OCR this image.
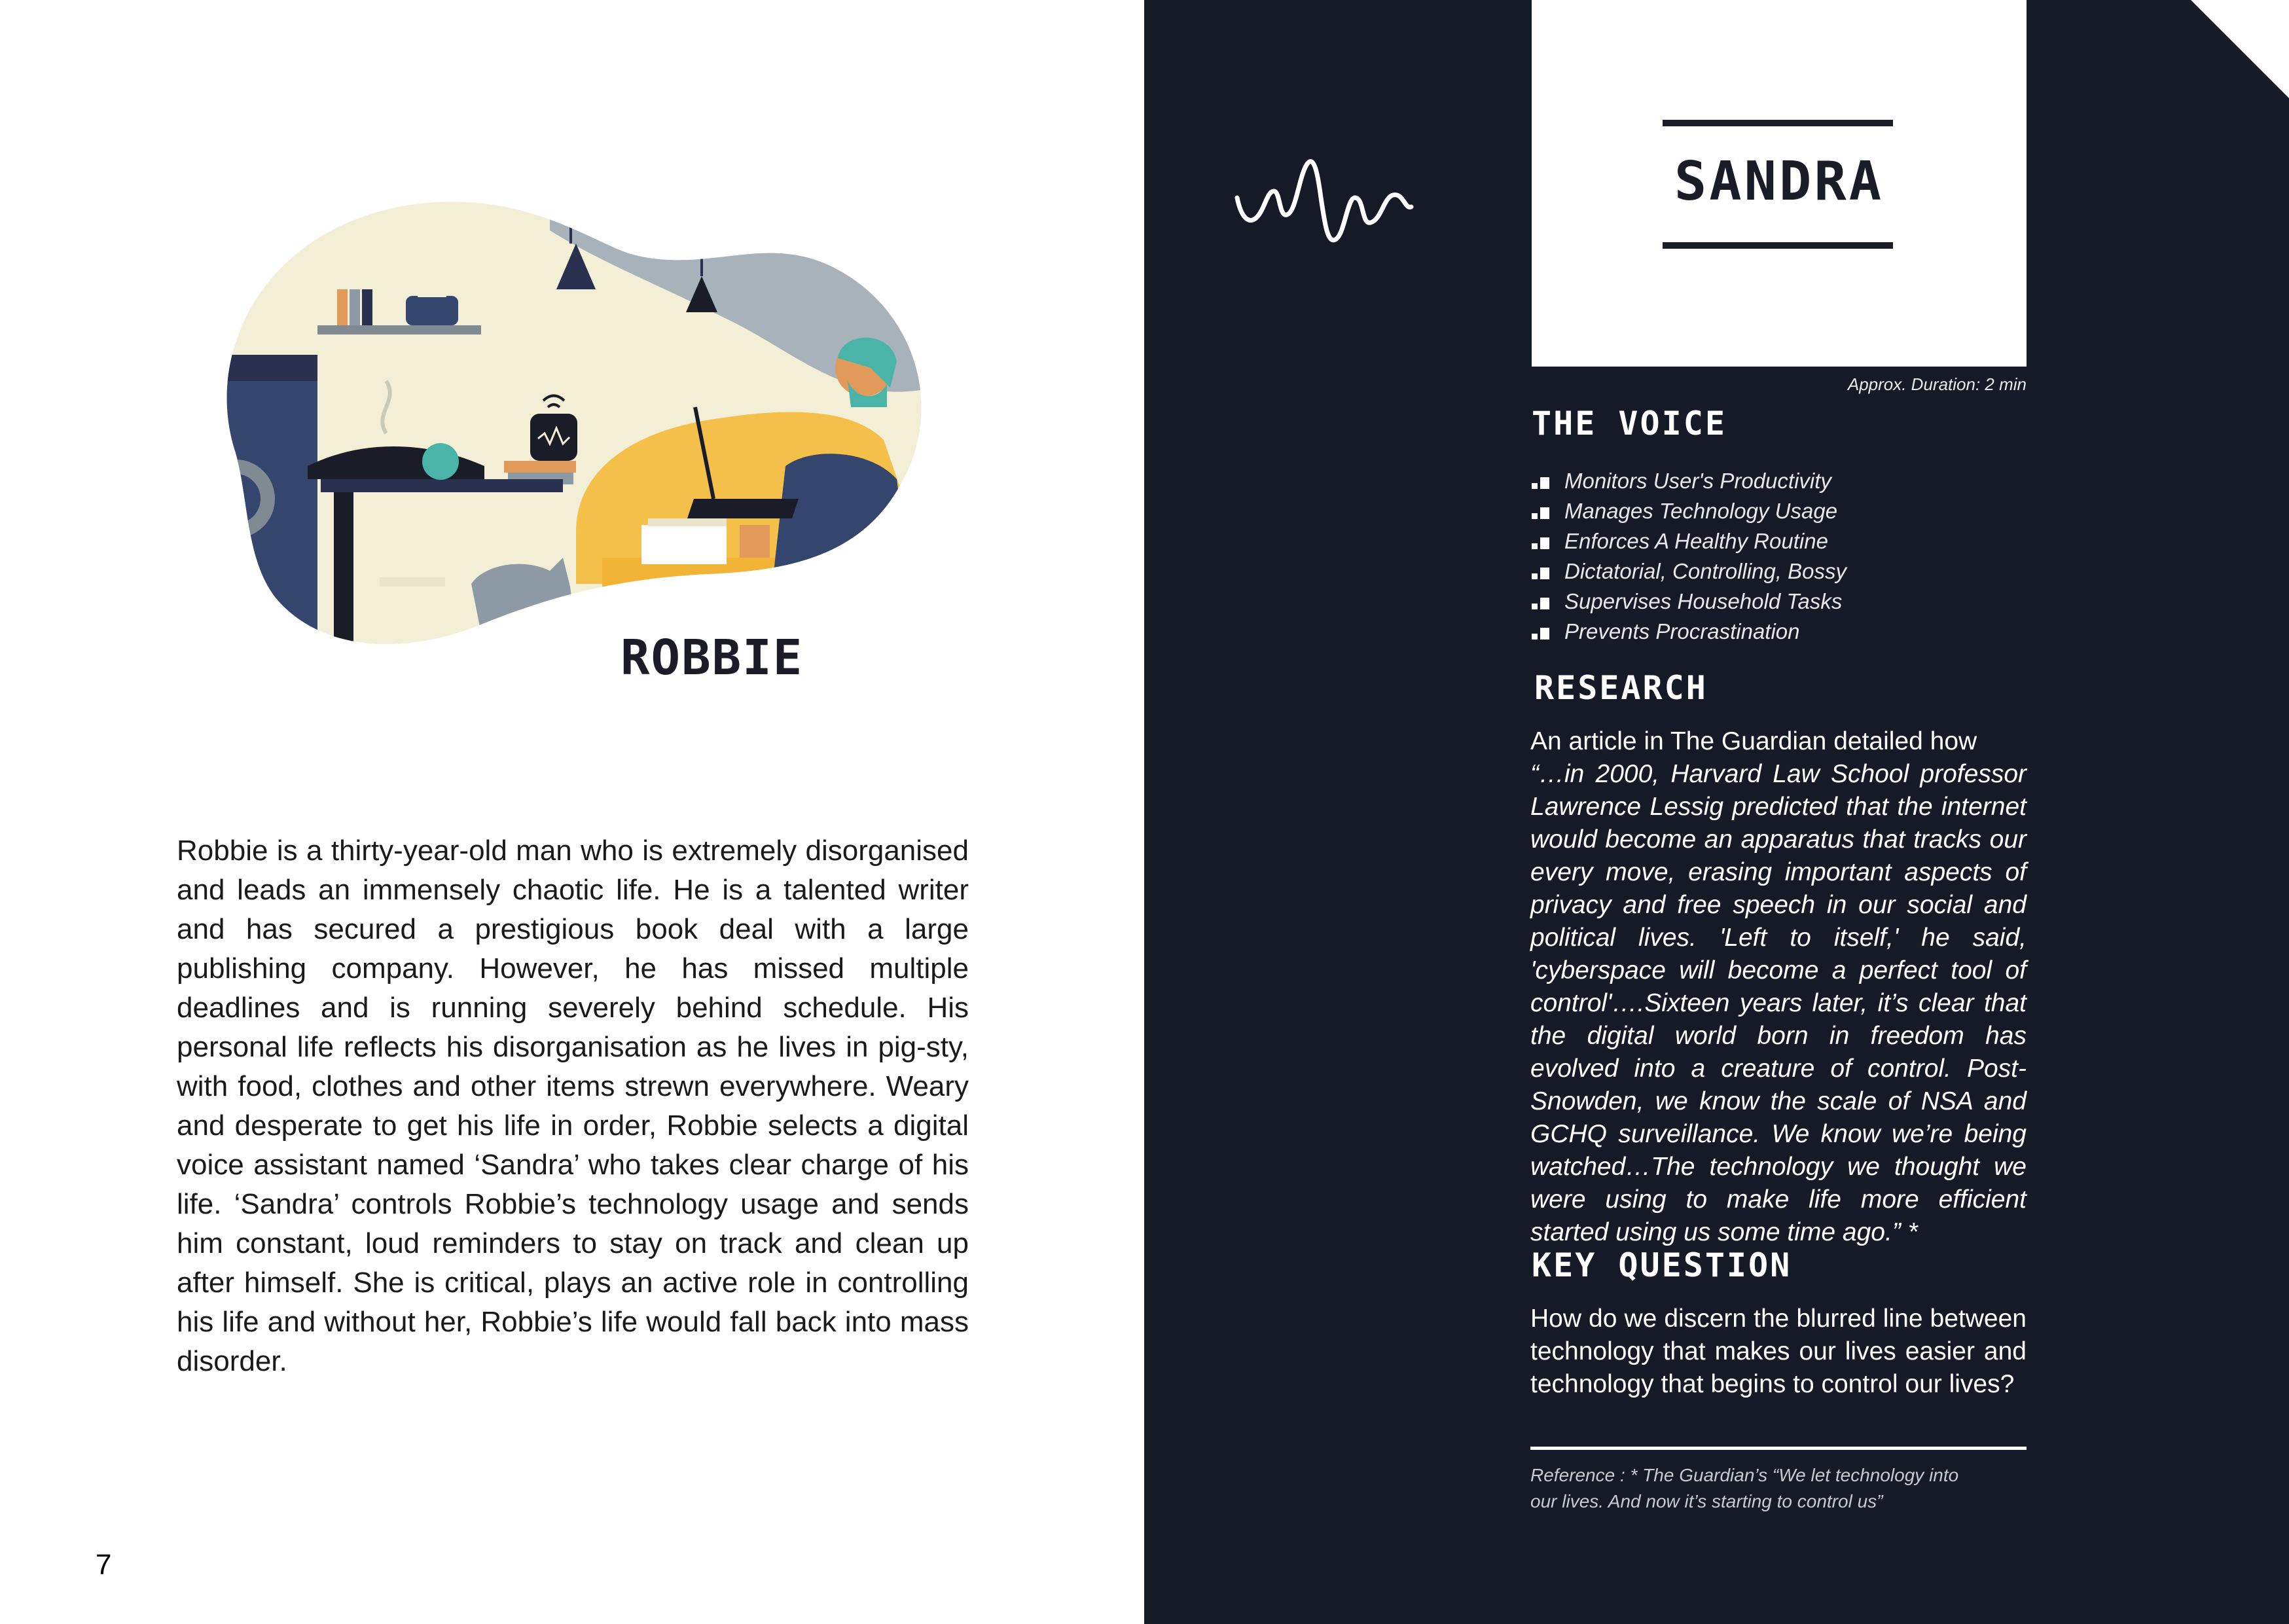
ROBBIE

Robbie is a thirty-year-old man who is extremely disorganised and leads an immensely chaotic life. He is a talented writer and has secured a prestigious book deal with a large publishing company. However, he has missed multiple deadlines and is running severely behind schedule. His personal life reflects his disorganisation as he lives in pig-sty, with food, clothes and other items strewn everywhere. Weary and desperate to get his life in order, Robbie selects a digital voice assistant named ‘Sandra’ who takes clear charge of his life. ‘Sandra’ controls Robbie’s technology usage and sends him constant, loud reminders to stay on track and clean up after himself. She is critical, plays an active role in controlling his life and without her, Robbie’s life would fall back into mass disorder.

7
SANDRA
Approx. Duration: 2 min
THE VOICE
Monitors User's Productivity
Manages Technology Usage
Enforces A Healthy Routine
Dictatorial, Controlling, Bossy
Supervises Household Tasks
Prevents Procrastination
RESEARCH
An article in The Guardian detailed how
“…in 2000, Harvard Law School professor Lawrence Lessig predicted that the internet would become an apparatus that tracks our every move, erasing important aspects of privacy and free speech in our social and political lives. 'Left to itself,' he said, 'cyberspace will become a perfect tool of control'….Sixteen years later, it’s clear that the digital world born in freedom has evolved into a creature of control. Post-Snowden, we know the scale of NSA and GCHQ surveillance. We know we’re being watched…The technology we thought we were using to make life more efficient started using us some time ago.” *
KEY QUESTION

How do we discern the blurred line between technology that makes our lives easier and technology that begins to control our lives?

Reference : * The Guardian’s “We let technology into our lives. And now it’s starting to control us”
